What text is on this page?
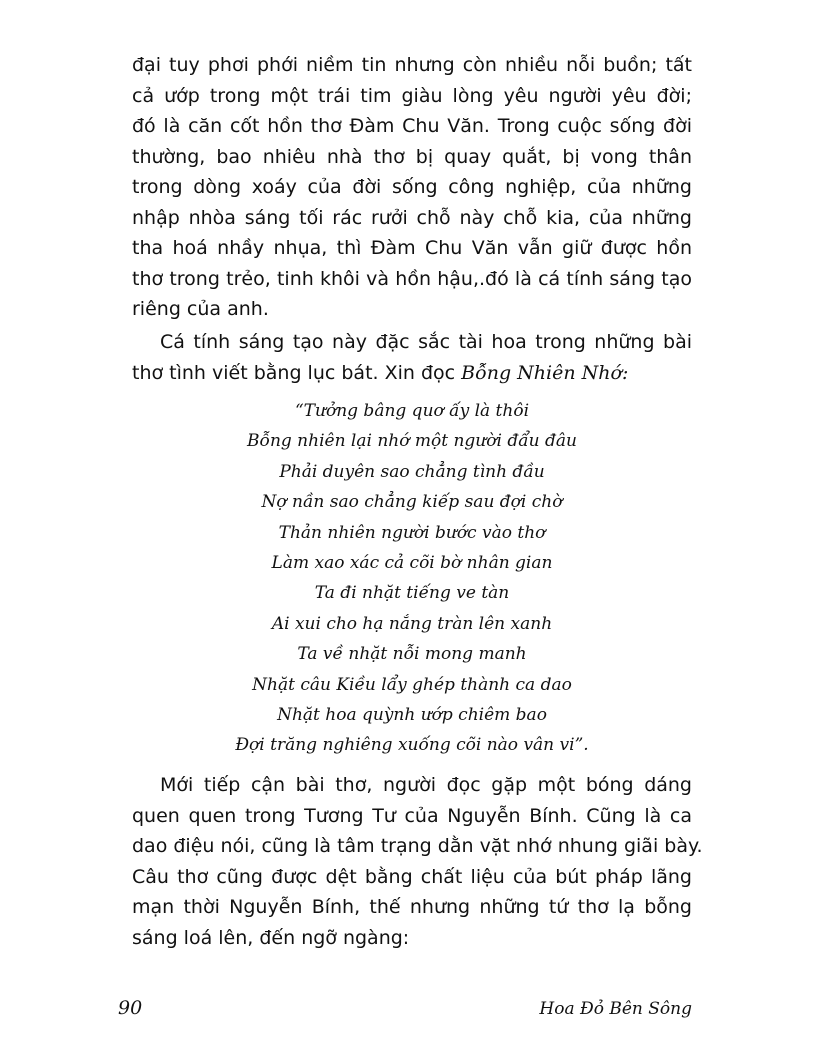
đại tuy phơi phới niềm tin nhưng còn nhiều nỗi buồn; tất
cả ướp trong một trái tim giàu lòng yêu người yêu đời;
đó là căn cốt hồn thơ Đàm Chu Văn. Trong cuộc sống đời
thường, bao nhiêu nhà thơ bị quay quắt, bị vong thân
trong dòng xoáy của đời sống công nghiệp, của những
nhập nhòa sáng tối rác rưởi chỗ này chỗ kia, của những
tha hoá nhầy nhụa, thì Đàm Chu Văn vẫn giữ được hồn
thơ trong trẻo, tinh khôi và hồn hậu,.đó là cá tính sáng tạo
riêng của anh.
Cá tính sáng tạo này đặc sắc tài hoa trong những bài
thơ tình viết bằng lục bát. Xin đọc Bỗng Nhiên Nhớ:
“Tưởng bâng quơ ấy là thôi
Bỗng nhiên lại nhớ một người đẩu đâu
Phải duyên sao chẳng tình đầu
Nợ nần sao chẳng kiếp sau đợi chờ
Thản nhiên người bước vào thơ
Làm xao xác cả cõi bờ nhân gian
Ta đi nhặt tiếng ve tàn
Ai xui cho hạ nắng tràn lên xanh
Ta về nhặt nỗi mong manh
Nhặt câu Kiều lẩy ghép thành ca dao
Nhặt hoa quỳnh ướp chiêm bao
Đợi trăng nghiêng xuống cõi nào vân vi”.
Mới tiếp cận bài thơ, người đọc gặp một bóng dáng
quen quen trong Tương Tư của Nguyễn Bính. Cũng là ca
dao điệu nói, cũng là tâm trạng dằn vặt nhớ nhung giãi bày.
Câu thơ cũng được dệt bằng chất liệu của bút pháp lãng
mạn thời Nguyễn Bính, thế nhưng những tứ thơ lạ bỗng
sáng loá lên, đến ngỡ ngàng:
90	Hoa Đỏ Bên Sông
